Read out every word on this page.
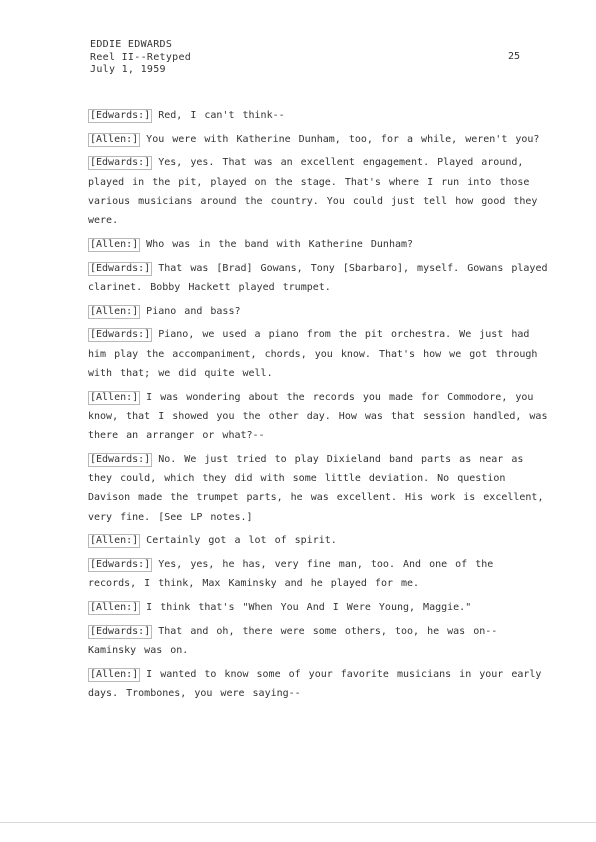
EDDIE EDWARDS
Reel II--Retyped
July 1, 1959
25

[Edwards:] Red, I can't think--

[Allen:] You were with Katherine Dunham, too, for a while, weren't you?

[Edwards:] Yes, yes. That was an excellent engagement. Played around, played in the pit, played on the stage. That's where I run into those various musicians around the country. You could just tell how good they were.

[Allen:] Who was in the band with Katherine Dunham?

[Edwards:] That was [Brad] Gowans, Tony [Sbarbaro], myself. Gowans played clarinet. Bobby Hackett played trumpet.

[Allen:] Piano and bass?

[Edwards:] Piano, we used a piano from the pit orchestra. We just had him play the accompaniment, chords, you know. That's how we got through with that; we did quite well.

[Allen:] I was wondering about the records you made for Commodore, you know, that I showed you the other day. How was that session handled, was there an arranger or what?--

[Edwards:] No. We just tried to play Dixieland band parts as near as they could, which they did with some little deviation. No question Davison made the trumpet parts, he was excellent. His work is excellent, very fine. [See LP notes.]

[Allen:] Certainly got a lot of spirit.

[Edwards:] Yes, yes, he has, very fine man, too. And one of the records, I think, Max Kaminsky and he played for me.

[Allen:] I think that's "When You And I Were Young, Maggie."

[Edwards:] That and oh, there were some others, too, he was on-- Kaminsky was on.

[Allen:] I wanted to know some of your favorite musicians in your early days. Trombones, you were saying--
